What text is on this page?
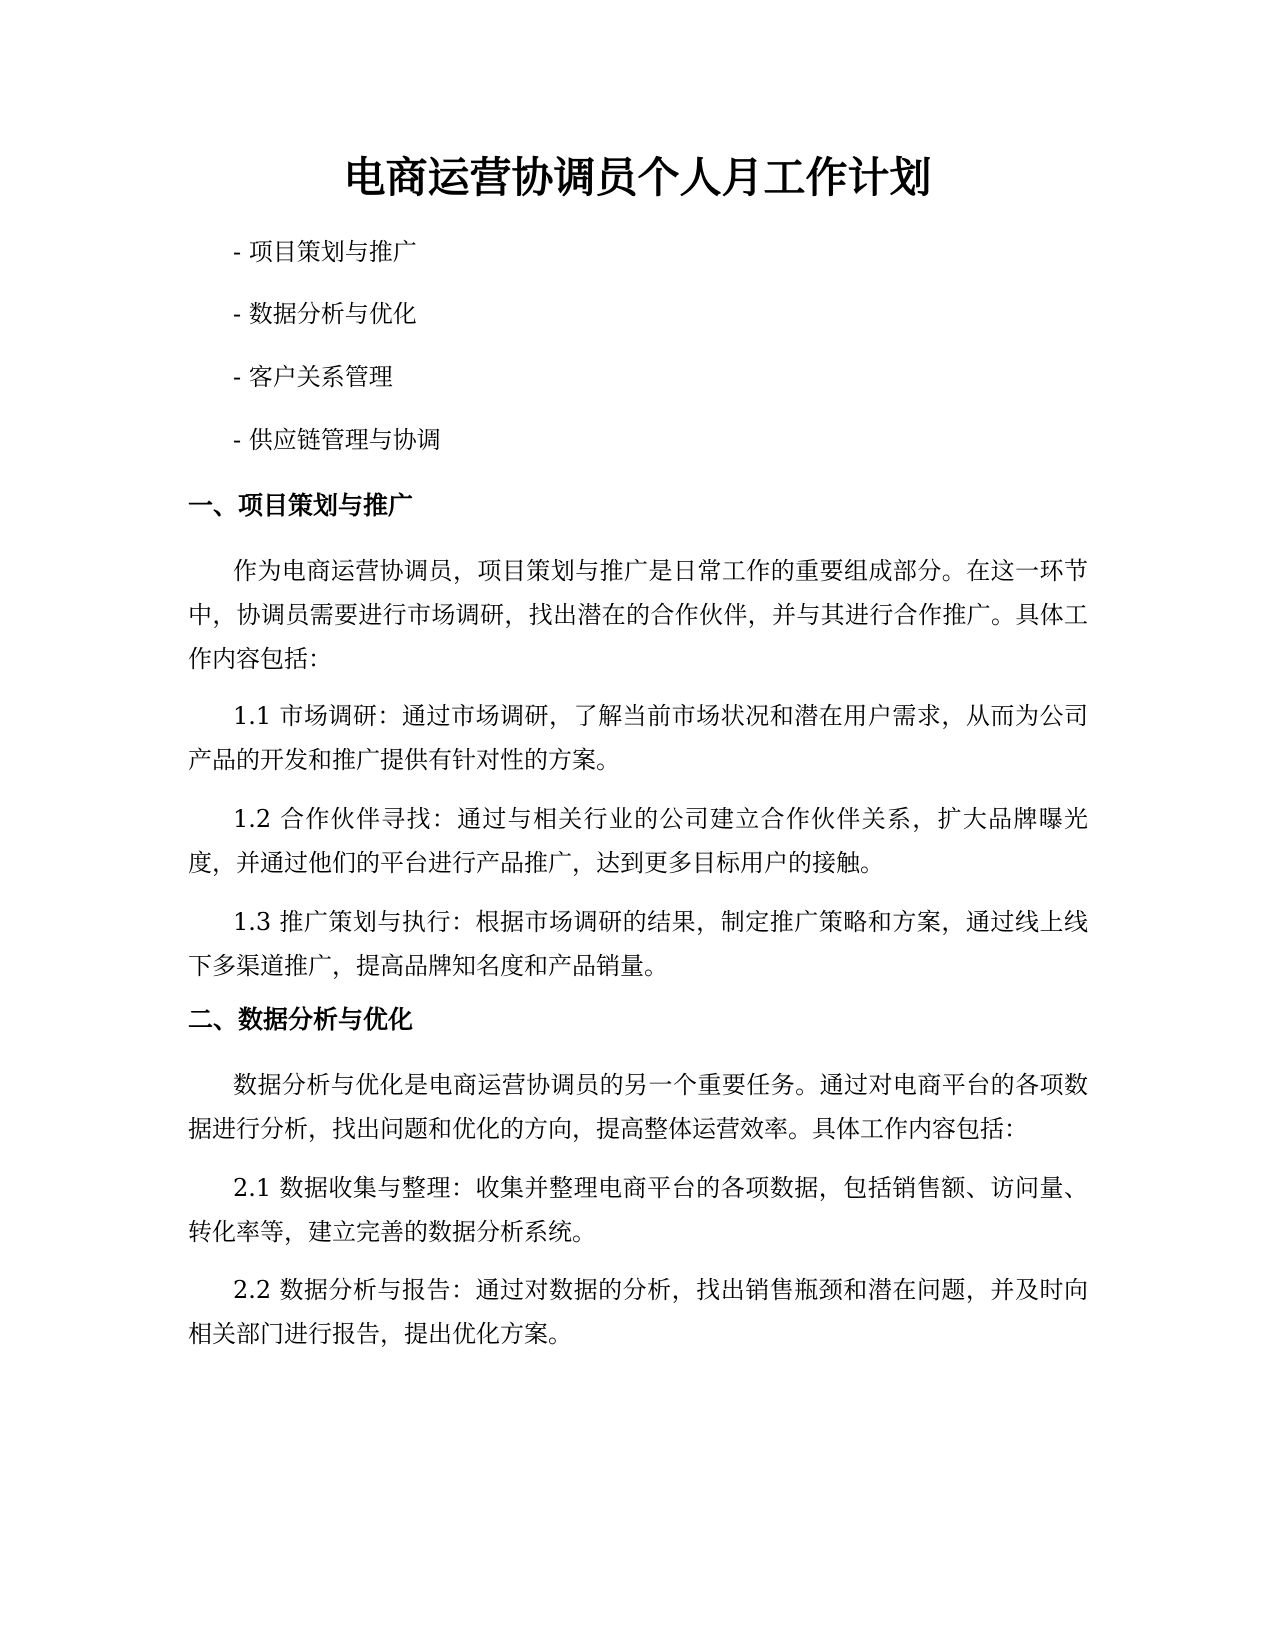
电商运营协调员个人月工作计划

- 项目策划与推广

- 数据分析与优化

- 客户关系管理

- 供应链管理与协调

一、项目策划与推广

作为电商运营协调员，项目策划与推广是日常工作的重要组成部分。在这一环节中，协调员需要进行市场调研，找出潜在的合作伙伴，并与其进行合作推广。具体工作内容包括：

1.1 市场调研：通过市场调研，了解当前市场状况和潜在用户需求，从而为公司产品的开发和推广提供有针对性的方案。

1.2 合作伙伴寻找：通过与相关行业的公司建立合作伙伴关系，扩大品牌曝光度，并通过他们的平台进行产品推广，达到更多目标用户的接触。

1.3 推广策划与执行：根据市场调研的结果，制定推广策略和方案，通过线上线下多渠道推广，提高品牌知名度和产品销量。

二、数据分析与优化

数据分析与优化是电商运营协调员的另一个重要任务。通过对电商平台的各项数据进行分析，找出问题和优化的方向，提高整体运营效率。具体工作内容包括：

2.1 数据收集与整理：收集并整理电商平台的各项数据，包括销售额、访问量、转化率等，建立完善的数据分析系统。

2.2 数据分析与报告：通过对数据的分析，找出销售瓶颈和潜在问题，并及时向相关部门进行报告，提出优化方案。
